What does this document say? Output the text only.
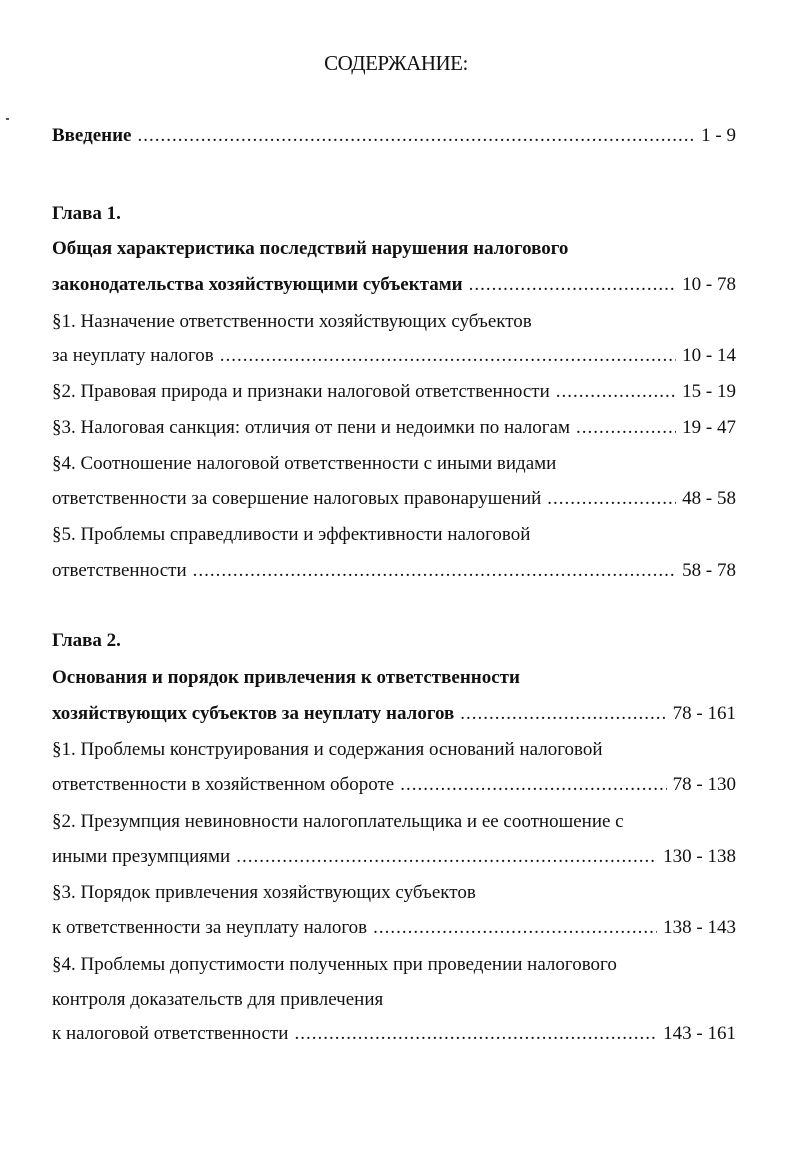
СОДЕРЖАНИЕ:
Введение .....	1 - 9
Глава 1.
Общая характеристика последствий нарушения налогового
законодательства хозяйствующими субъектами .....	10 - 78
§1. Назначение ответственности хозяйствующих субъектов
за неуплату налогов .....	10 - 14
§2. Правовая природа и признаки налоговой ответственности .....	15 - 19
§3. Налоговая санкция: отличия от пени и недоимки по налогам .....	19 - 47
§4. Соотношение налоговой ответственности с иными видами
ответственности за совершение налоговых правонарушений .....	48 - 58
§5. Проблемы справедливости и эффективности налоговой
ответственности .....	58 - 78
Глава 2.
Основания и порядок привлечения к ответственности
хозяйствующих субъектов за неуплату налогов .....	78 - 161
§1. Проблемы конструирования и содержания оснований налоговой
ответственности в хозяйственном обороте .....	78 - 130
§2. Презумпция невиновности налогоплательщика и ее соотношение с
иными презумпциями .....	130 - 138
§3. Порядок привлечения хозяйствующих субъектов
к ответственности за неуплату налогов .....	138 - 143
§4. Проблемы допустимости полученных при проведении налогового
контроля доказательств для привлечения
к налоговой ответственности .....	143 - 161
